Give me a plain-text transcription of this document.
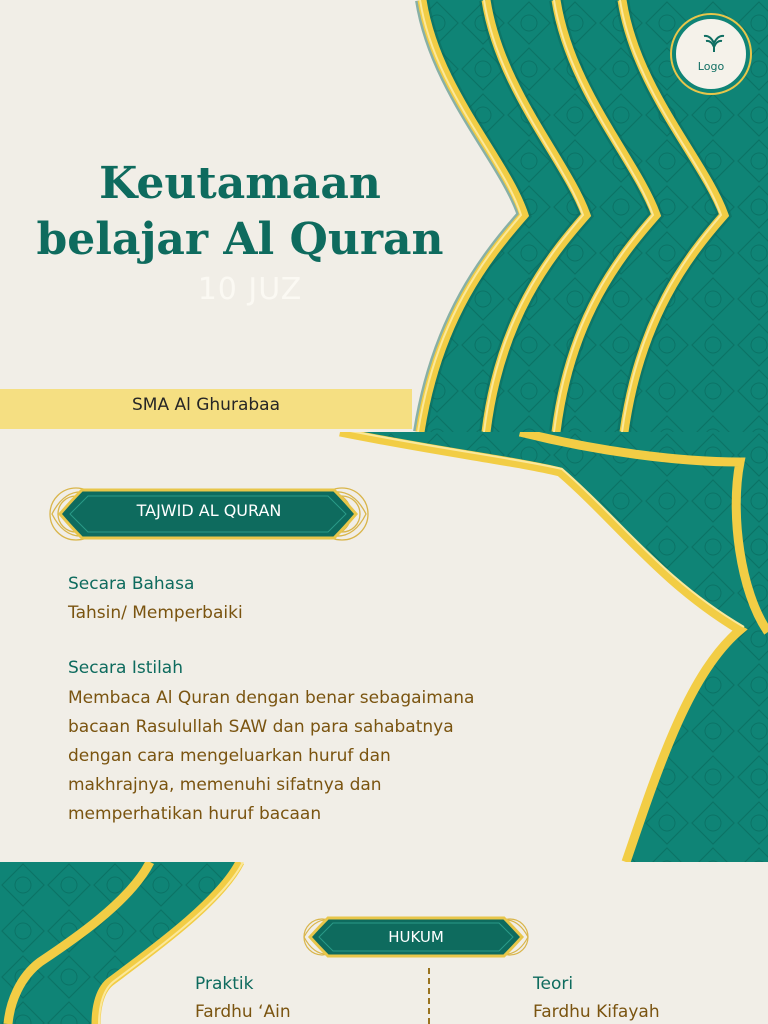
Logo
Keutamaan
belajar Al Quran
10 JUZ
SMA Al Ghurabaa
TAJWID AL QURAN
Secara Bahasa
Tahsin/ Memperbaiki
Secara Istilah

Membaca Al Quran dengan benar sebagaimana
bacaan Rasulullah SAW dan para sahabatnya
dengan cara mengeluarkan huruf dan
makhrajnya, memenuhi sifatnya dan
memperhatikan huruf bacaan

HUKUM
Praktik
Fardhu ‘Ain
Teori
Fardhu Kifayah
